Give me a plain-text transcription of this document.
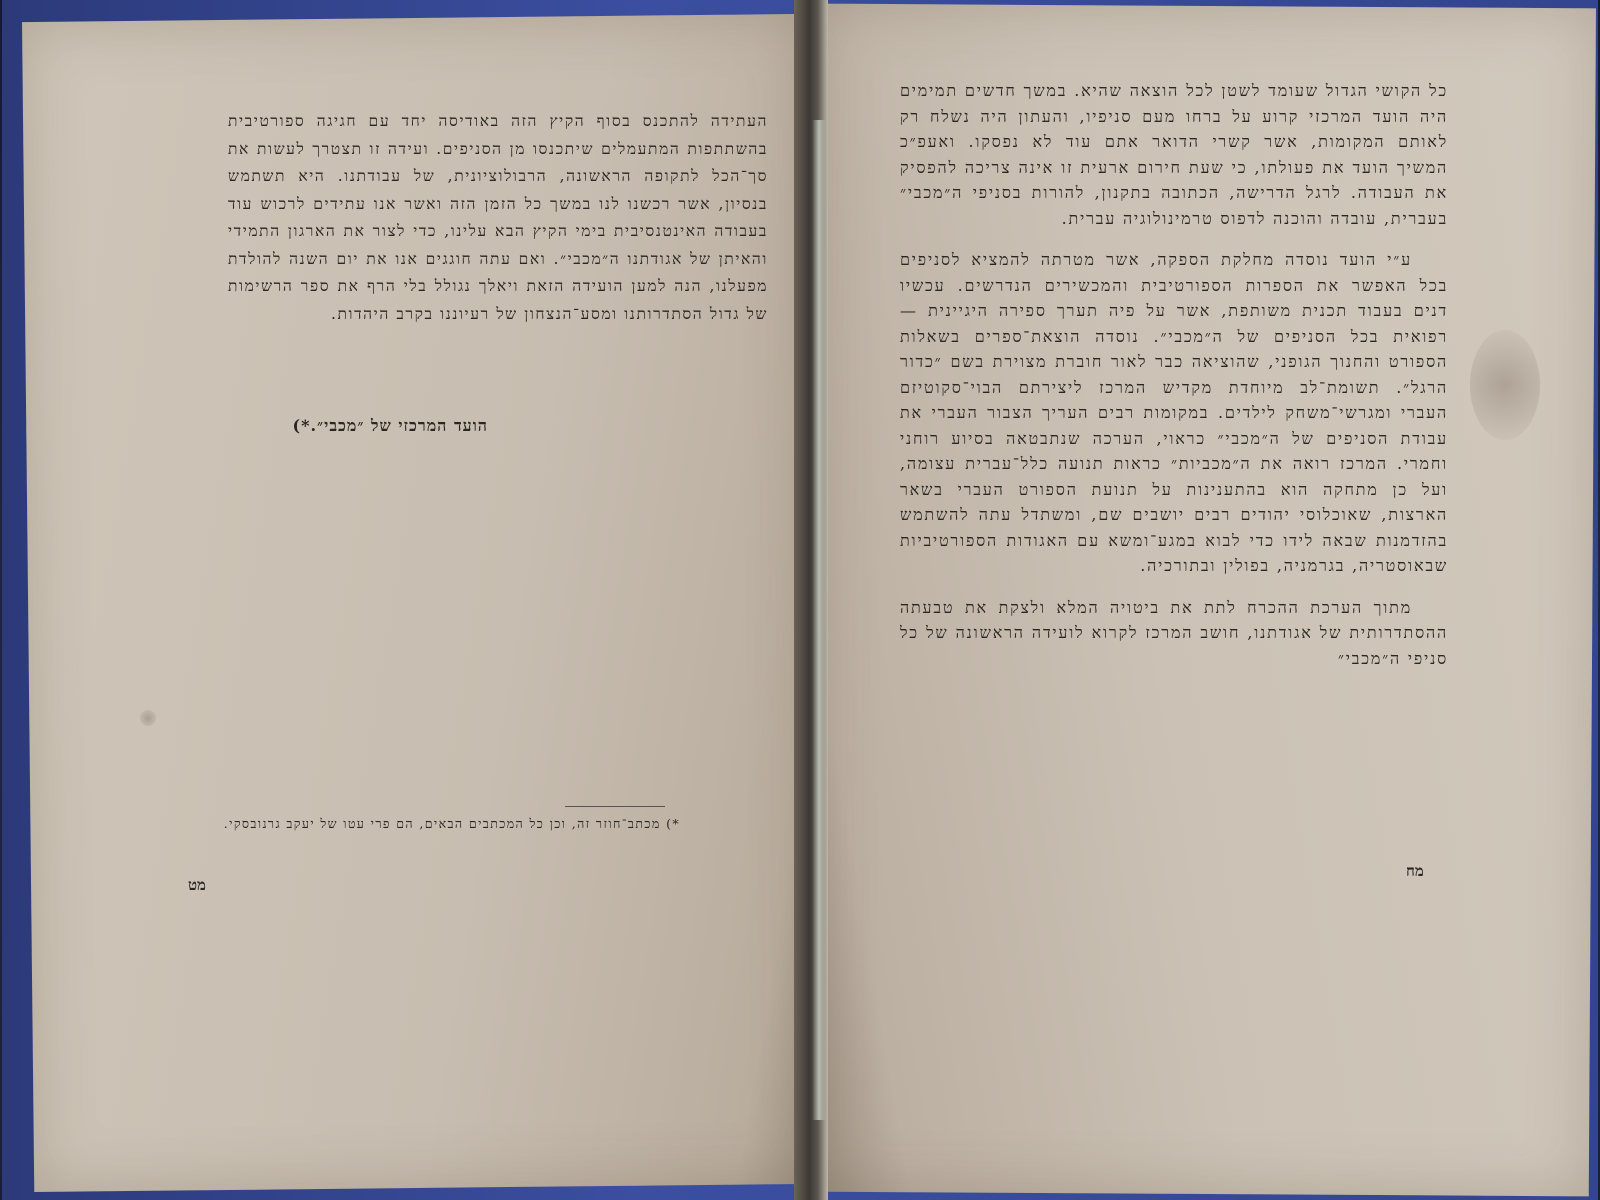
העתידה להתכנס בסוף הקיץ הזה באודיסה יחד עם חגיגה ספורטיבית בהשתתפות המתעמלים שיתכנסו מן הסניפים. ועידה זו תצטרך לעשות את סך־הכל לתקופה הראשונה, הרבולוציונית, של עבודתנו. היא תשתמש בנסיון, אשר רכשנו לנו במשך כל הזמן הזה ואשר אנו עתידים לרכוש עוד בעבודה האינטנסיבית בימי הקיץ הבא עלינו, כדי לצור את הארגון התמידי והאיתן של אגודתנו ה״מכבי״. ואם עתה חוגגים אנו את יום השנה להולדת מפעלנו, הנה למען הועידה הזאת ויאלך נגולל בלי הרף את ספר הרשימות של גדול הסתדרותנו ומסע־הנצחון של רעיוננו בקרב היהדות.
הועד המרכזי של ״מכבי״.*)
*) מכתב־חוזר זה, וכן כל המכתבים הבאים, הם פרי עטו של יעקב גרנובסקי.
מט

כל הקושי הגדול שעומד לשטן לכל הוצאה שהיא. במשך חדשים תמימים היה הועד המרכזי קרוע על ברחו מעם סניפיו, והעתון היה נשלח רק לאותם המקומות, אשר קשרי הדואר אתם עוד לא נפסקו. ואעפ״כ המשיך הועד את פעולתו, כי שעת חירום ארעית זו אינה צריכה להפסיק את העבודה. לרגל הדרישה, הכתובה בתקנון, להורות בסניפי ה״מכבי״ בעברית, עובדה והוכנה לדפוס טרמינולוגיה עברית.

ע״י הועד נוסדה מחלקת הספקה, אשר מטרתה להמציא לסניפים בכל האפשר את הספרות הספורטיבית והמכשירים הנדרשים. עכשיו דנים בעבוד תכנית משותפת, אשר על פיה תערך ספירה היגיינית — רפואית בכל הסניפים של ה״מכבי״. נוסדה הוצאת־ספרים בשאלות הספורט והחנוך הגופני, שהוציאה כבר לאור חוברת מצוירת בשם ״כדור הרגל״. תשומת־לב מיוחדת מקדיש המרכז ליצירתם הבוי־סקוטיזם העברי ומגרשי־משחק לילדים. במקומות רבים העריך הצבור העברי את עבודת הסניפים של ה״מכבי״ כראוי, הערכה שנתבטאה בסיוע רוחני וחמרי. המרכז רואה את ה״מכביות״ כראות תנועה כלל־עברית עצומה, ועל כן מתחקה הוא בהתענינות על תנועת הספורט העברי בשאר הארצות, שאוכלוסי יהודים רבים יושבים שם, ומשתדל עתה להשתמש בהזדמנות שבאה לידו כדי לבוא במגע־ומשא עם האגודות הספורטיביות שבאוסטריה, בגרמניה, בפולין ובתורכיה.

מתוך הערכת ההכרח לתת את ביטויה המלא ולצקת את טבעתה ההסתדרותית של אגודתנו, חושב המרכז לקרוא לועידה הראשונה של כל סניפי ה״מכבי״

מח
